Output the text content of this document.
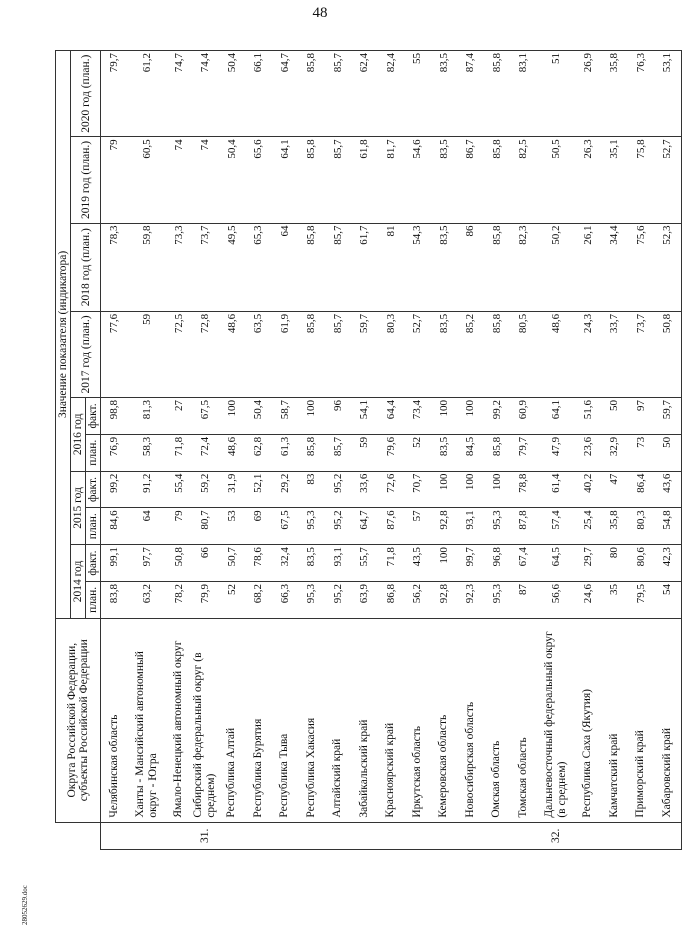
48
28052629.doc
	Округа Российской Федерации, субъекты Российской Федерации	Значение показателя (индикатора)									
		2014 год		2015 год		2016 год		2017 год (план.)	2018 год (план.)	2019 год (план.)	2020 год (план.)
		план.	факт.	план.	факт.	план.	факт.				
	Челябинская область	83,8	99,1	84,6	99,2	76,9	98,8	77,6	78,3	79	79,7
	Ханты - Мансийский автономный округ - Югра	63,2	97,7	64	91,2	58,3	81,3	59	59,8	60,5	61,2
	Ямало-Ненецкий автономный округ	78,2	50,8	79	55,4	71,8	27	72,5	73,3	74	74,7
31.	Сибирский федеральный округ (в среднем)	79,9	66	80,7	59,2	72,4	67,5	72,8	73,7	74	74,4
	Республика Алтай	52	50,7	53	31,9	48,6	100	48,6	49,5	50,4	50,4
	Республика Бурятия	68,2	78,6	69	52,1	62,8	50,4	63,5	65,3	65,6	66,1
	Республика Тыва	66,3	32,4	67,5	29,2	61,3	58,7	61,9	64	64,1	64,7
	Республика Хакасия	95,3	83,5	95,3	83	85,8	100	85,8	85,8	85,8	85,8
	Алтайский край	95,2	93,1	95,2	95,2	85,7	96	85,7	85,7	85,7	85,7
	Забайкальский край	63,9	55,7	64,7	33,6	59	54,1	59,7	61,7	61,8	62,4
	Красноярский край	86,8	71,8	87,6	72,6	79,6	64,4	80,3	81	81,7	82,4
	Иркутская область	56,2	43,5	57	70,7	52	73,4	52,7	54,3	54,6	55
	Кемеровская область	92,8	100	92,8	100	83,5	100	83,5	83,5	83,5	83,5
	Новосибирская область	92,3	99,7	93,1	100	84,5	100	85,2	86	86,7	87,4
	Омская область	95,3	96,8	95,3	100	85,8	99,2	85,8	85,8	85,8	85,8
	Томская область	87	67,4	87,8	78,8	79,7	60,9	80,5	82,3	82,5	83,1
32.	Дальневосточный федеральный округ (в среднем)	56,6	64,5	57,4	61,4	47,9	64,1	48,6	50,2	50,5	51
	Республика Саха (Якутия)	24,6	29,7	25,4	40,2	23,6	51,6	24,3	26,1	26,3	26,9
	Камчатский край	35	80	35,8	47	32,9	50	33,7	34,4	35,1	35,8
	Приморский край	79,5	80,6	80,3	86,4	73	97	73,7	75,6	75,8	76,3
	Хабаровский край	54	42,3	54,8	43,6	50	59,7	50,8	52,3	52,7	53,1
